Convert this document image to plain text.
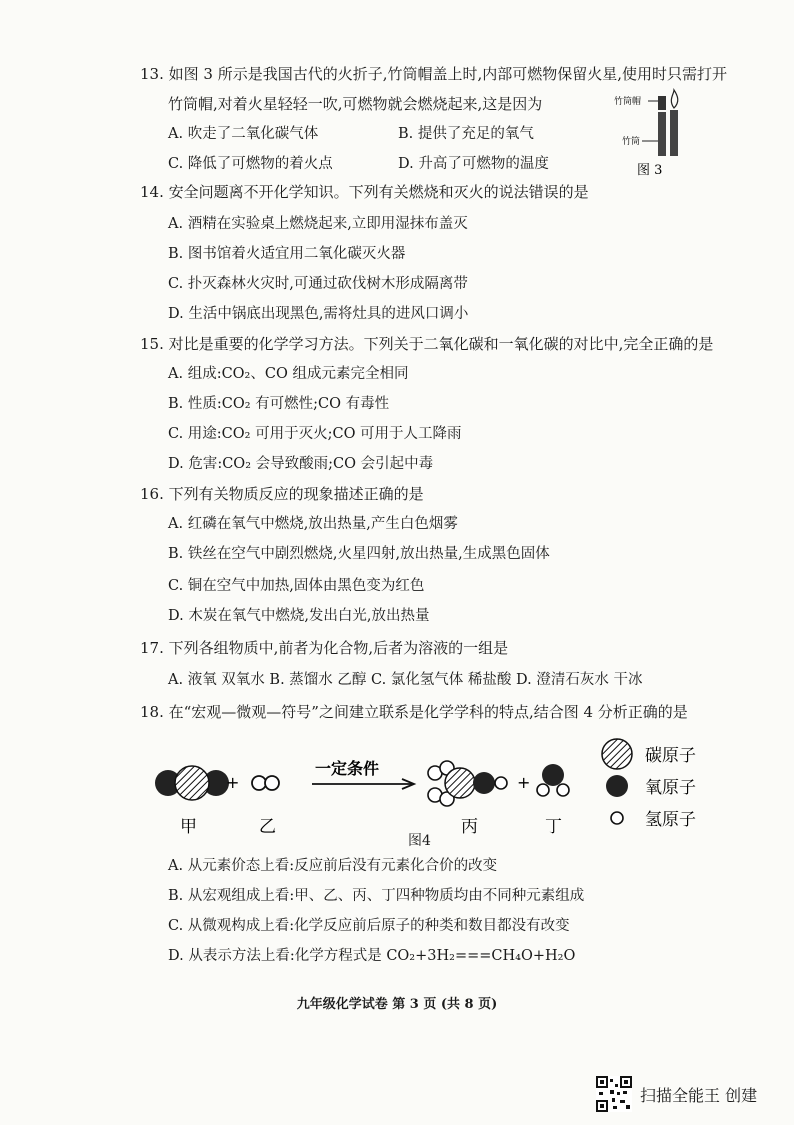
13. 如图 3 所示是我国古代的火折子,竹筒帽盖上时,内部可燃物保留火星,使用时只需打开
竹筒帽,对着火星轻轻一吹,可燃物就会燃烧起来,这是因为
A. 吹走了二氧化碳气体	B. 提供了充足的氧气
C. 降低了可燃物的着火点	D. 升高了可燃物的温度
竹筒帽
竹筒
图 3
14. 安全问题离不开化学知识。下列有关燃烧和灭火的说法错误的是
A. 酒精在实验桌上燃烧起来,立即用湿抹布盖灭
B. 图书馆着火适宜用二氧化碳灭火器
C. 扑灭森林火灾时,可通过砍伐树木形成隔离带
D. 生活中锅底出现黑色,需将灶具的进风口调小
15. 对比是重要的化学学习方法。下列关于二氧化碳和一氧化碳的对比中,完全正确的是
A. 组成:CO₂、CO 组成元素完全相同
B. 性质:CO₂ 有可燃性;CO 有毒性
C. 用途:CO₂ 可用于灭火;CO 可用于人工降雨
D. 危害:CO₂ 会导致酸雨;CO 会引起中毒
16. 下列有关物质反应的现象描述正确的是
A. 红磷在氧气中燃烧,放出热量,产生白色烟雾
B. 铁丝在空气中剧烈燃烧,火星四射,放出热量,生成黑色固体
C. 铜在空气中加热,固体由黑色变为红色
D. 木炭在氧气中燃烧,发出白光,放出热量
17. 下列各组物质中,前者为化合物,后者为溶液的一组是
A. 液氧 双氧水 B. 蒸馏水 乙醇 C. 氯化氢气体 稀盐酸 D. 澄清石灰水 干冰
18. 在“宏观—微观—符号”之间建立联系是化学学科的特点,结合图 4 分析正确的是
+
一定条件
+
甲	乙	丙	丁
碳原子
氧原子
氢原子
图4
A. 从元素价态上看:反应前后没有元素化合价的改变
B. 从宏观组成上看:甲、乙、丙、丁四种物质均由不同种元素组成
C. 从微观构成上看:化学反应前后原子的种类和数目都没有改变
D. 从表示方法上看:化学方程式是 CO₂+3H₂===CH₄O+H₂O
九年级化学试卷 第 3 页 (共 8 页)
扫描全能王 创建
